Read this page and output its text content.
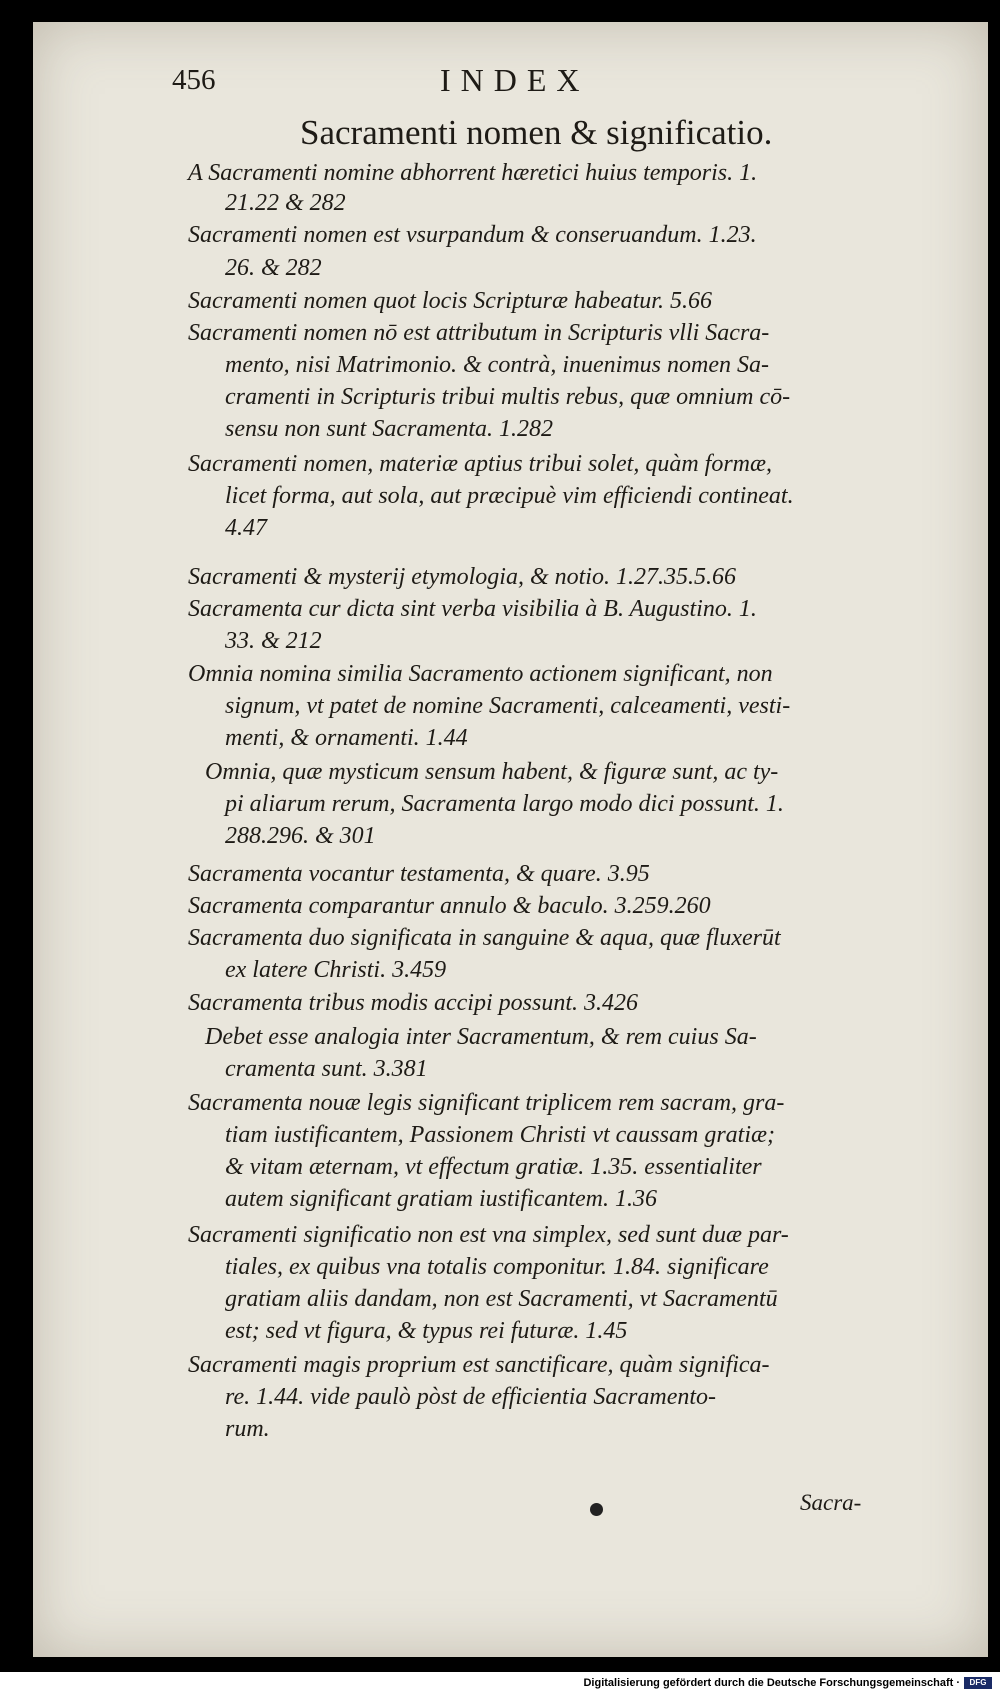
456	INDEX
Sacramenti nomen & significatio.
A Sacramenti nomine abhorrent hæretici huius temporis. 1.
21.22 & 282
Sacramenti nomen est vsurpandum & conseruandum. 1.23.
26. & 282
Sacramenti nomen quot locis Scripturæ habeatur. 5.66
Sacramenti nomen nō est attributum in Scripturis vlli Sacra-
mento, nisi Matrimonio. & contrà, inuenimus nomen Sa-
cramenti in Scripturis tribui multis rebus, quæ omnium cō-
sensu non sunt Sacramenta. 1.282
Sacramenti nomen, materiæ aptius tribui solet, quàm formæ,
licet forma, aut sola, aut præcipuè vim efficiendi contineat.
4.47
Sacramenti & mysterij etymologia, & notio. 1.27.35.5.66
Sacramenta cur dicta sint verba visibilia à B. Augustino. 1.
33. & 212
Omnia nomina similia Sacramento actionem significant, non
signum, vt patet de nomine Sacramenti, calceamenti, vesti-
menti, & ornamenti. 1.44
Omnia, quæ mysticum sensum habent, & figuræ sunt, ac ty-
pi aliarum rerum, Sacramenta largo modo dici possunt. 1.
288.296. & 301
Sacramenta vocantur testamenta, & quare. 3.95
Sacramenta comparantur annulo & baculo. 3.259.260
Sacramenta duo significata in sanguine & aqua, quæ fluxerūt
ex latere Christi. 3.459
Sacramenta tribus modis accipi possunt. 3.426
Debet esse analogia inter Sacramentum, & rem cuius Sa-
cramenta sunt. 3.381
Sacramenta nouæ legis significant triplicem rem sacram, gra-
tiam iustificantem, Passionem Christi vt caussam gratiæ;
& vitam æternam, vt effectum gratiæ. 1.35. essentialiter
autem significant gratiam iustificantem. 1.36
Sacramenti significatio non est vna simplex, sed sunt duæ par-
tiales, ex quibus vna totalis componitur. 1.84. significare
gratiam aliis dandam, non est Sacramenti, vt Sacramentū
est; sed vt figura, & typus rei futuræ. 1.45
Sacramenti magis proprium est sanctificare, quàm significa-
re. 1.44. vide paulò pòst de efficientia Sacramento-
rum.
Sacra-
Digitalisierung gefördert durch die Deutsche Forschungsgemeinschaft ·	DFG
